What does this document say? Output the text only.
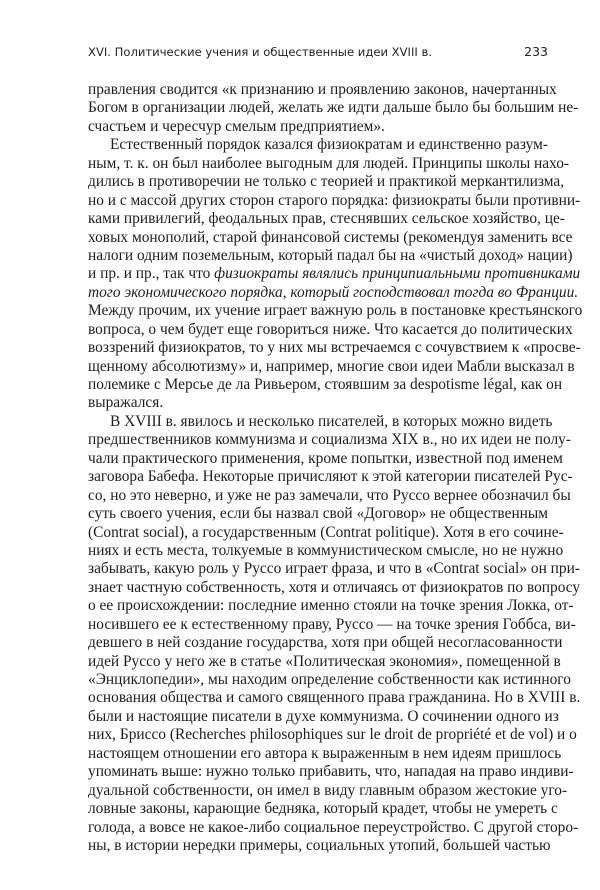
XVI. Политические учения и общественные идеи XVIII в.	233
правления сводится «к признанию и проявлению законов, начертанных
Богом в организации людей, желать же идти дальше было бы большим не-
счастьем и чересчур смелым предприятием».
Естественный порядок казался физиократам и единственно разум-
ным, т. к. он был наиболее выгодным для людей. Принципы школы нахо-
дились в противоречии не только с теорией и практикой меркантилизма,
но и с массой других сторон старого порядка: физиократы были противни-
ками привилегий, феодальных прав, стеснявших сельское хозяйство, це-
ховых монополий, старой финансовой системы (рекомендуя заменить все
налоги одним поземельным, который падал бы на «чистый доход» нации)
и пр. и пр., так что физиократы являлись принципиальными противниками
того экономического порядка, который господствовал тогда во Франции.
Между прочим, их учение играет важную роль в постановке крестьянского
вопроса, о чем будет еще говориться ниже. Что касается до политических
воззрений физиократов, то у них мы встречаемся с сочувствием к «просве-
щенному абсолютизму» и, например, многие свои идеи Мабли высказал в
полемике с Мерсье де ла Ривьером, стоявшим за despotisme légal, как он
выражался.
В XVIII в. явилось и несколько писателей, в которых можно видеть
предшественников коммунизма и социализма XIX в., но их идеи не полу-
чали практического применения, кроме попытки, известной под именем
заговора Бабефа. Некоторые причисляют к этой категории писателей Рус-
со, но это неверно, и уже не раз замечали, что Руссо вернее обозначил бы
суть своего учения, если бы назвал свой «Договор» не общественным
(Contrat social), а государственным (Contrat politique). Хотя в его сочине-
ниях и есть места, толкуемые в коммунистическом смысле, но не нужно
забывать, какую роль у Руссо играет фраза, и что в «Contrat social» он при-
знает частную собственность, хотя и отличаясь от физиократов по вопросу
о ее происхождении: последние именно стояли на точке зрения Локка, от-
носившего ее к естественному праву, Руссо — на точке зрения Гоббса, ви-
девшего в ней создание государства, хотя при общей несогласованности
идей Руссо у него же в статье «Политическая экономия», помещенной в
«Энциклопедии», мы находим определение собственности как истинного
основания общества и самого священного права гражданина. Но в XVIII в.
были и настоящие писатели в духе коммунизма. О сочинении одного из
них, Бриссо (Recherches philosophiques sur le droit de propriété et de vol) и о
настоящем отношении его автора к выраженным в нем идеям пришлось
упоминать выше: нужно только прибавить, что, нападая на право индиви-
дуальной собственности, он имел в виду главным образом жестокие уго-
ловные законы, карающие бедняка, который крадет, чтобы не умереть с
голода, а вовсе не какое-либо социальное переустройство. С другой сторо-
ны, в истории нередки примеры, социальных утопий, большей частью
